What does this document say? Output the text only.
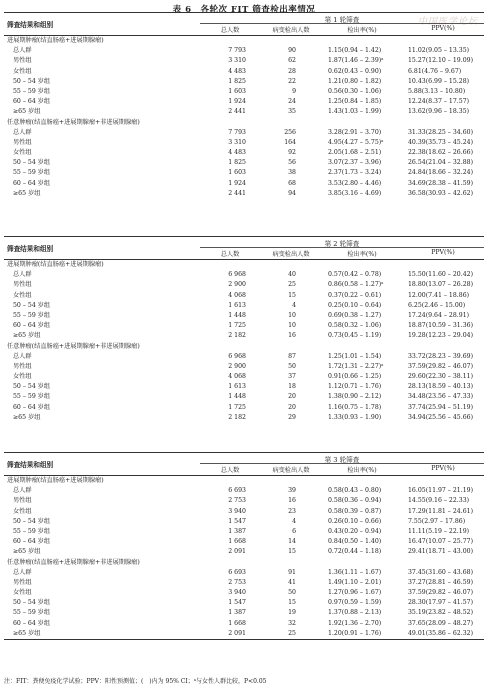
表 6　各轮次 FIT 筛查检出率情况
中国医学论坛
筛查结果和组别
第 1 轮筛查
总人数	病变检出人数	检出率(%)	PPV(%)
进展期肿瘤(结直肠癌+进展期腺瘤)
总人群	7 793	90	1.15(0.94 – 1.42)	11.02(9.05 – 13.35)
男性组	3 310	62	1.87(1.46 – 2.39)ᵃ	15.27(12.10 – 19.09)
女性组	4 483	28	0.62(0.43 – 0.90)	6.81(4.76 – 9.67)
50 – 54 岁组	1 825	22	1.21(0.80 – 1.82)	10.43(6.99 – 15.28)
55 – 59 岁组	1 603	9	0.56(0.30 – 1.06)	5.88(3.13 – 10.80)
60 – 64 岁组	1 924	24	1.25(0.84 – 1.85)	12.24(8.37 – 17.57)
≥65 岁组	2 441	35	1.43(1.03 – 1.99)	13.62(9.96 – 18.35)
任意肿瘤(结直肠癌+进展期腺瘤+非进展期腺瘤)
总人群	7 793	256	3.28(2.91 – 3.70)	31.33(28.25 – 34.60)
男性组	3 310	164	4.95(4.27 – 5.75)ᵃ	40.39(35.73 – 45.24)
女性组	4 483	92	2.05(1.68 – 2.51)	22.38(18.62 – 26.66)
50 – 54 岁组	1 825	56	3.07(2.37 – 3.96)	26.54(21.04 – 32.88)
55 – 59 岁组	1 603	38	2.37(1.73 – 3.24)	24.84(18.66 – 32.24)
60 – 64 岁组	1 924	68	3.53(2.80 – 4.46)	34.69(28.38 – 41.59)
≥65 岁组	2 441	94	3.85(3.16 – 4.69)	36.58(30.93 – 42.62)
筛查结果和组别
第 2 轮筛查
总人数	病变检出人数	检出率(%)	PPV(%)
进展期肿瘤(结直肠癌+进展期腺瘤)
总人群	6 968	40	0.57(0.42 – 0.78)	15.50(11.60 – 20.42)
男性组	2 900	25	0.86(0.58 – 1.27)ᵃ	18.80(13.07 – 26.28)
女性组	4 068	15	0.37(0.22 – 0.61)	12.00(7.41 – 18.86)
50 – 54 岁组	1 613	4	0.25(0.10 – 0.64)	6.25(2.46 – 15.00)
55 – 59 岁组	1 448	10	0.69(0.38 – 1.27)	17.24(9.64 – 28.91)
60 – 64 岁组	1 725	10	0.58(0.32 – 1.06)	18.87(10.59 – 31.36)
≥65 岁组	2 182	16	0.73(0.45 – 1.19)	19.28(12.23 – 29.04)
任意肿瘤(结直肠癌+进展期腺瘤+非进展期腺瘤)
总人群	6 968	87	1.25(1.01 – 1.54)	33.72(28.23 – 39.69)
男性组	2 900	50	1.72(1.31 – 2.27)ᵃ	37.59(29.82 – 46.07)
女性组	4 068	37	0.91(0.66 – 1.25)	29.60(22.30 – 38.11)
50 – 54 岁组	1 613	18	1.12(0.71 – 1.76)	28.13(18.59 – 40.13)
55 – 59 岁组	1 448	20	1.38(0.90 – 2.12)	34.48(23.56 – 47.33)
60 – 64 岁组	1 725	20	1.16(0.75 – 1.78)	37.74(25.94 – 51.19)
≥65 岁组	2 182	29	1.33(0.93 – 1.90)	34.94(25.56 – 45.66)
筛查结果和组别
第 3 轮筛查
总人数	病变检出人数	检出率(%)	PPV(%)
进展期肿瘤(结直肠癌+进展期腺瘤)
总人群	6 693	39	0.58(0.43 – 0.80)	16.05(11.97 – 21.19)
男性组	2 753	16	0.58(0.36 – 0.94)	14.55(9.16 – 22.33)
女性组	3 940	23	0.58(0.39 – 0.87)	17.29(11.81 – 24.61)
50 – 54 岁组	1 547	4	0.26(0.10 – 0.66)	7.55(2.97 – 17.86)
55 – 59 岁组	1 387	6	0.43(0.20 – 0.94)	11.11(5.19 – 22.19)
60 – 64 岁组	1 668	14	0.84(0.50 – 1.40)	16.47(10.07 – 25.77)
≥65 岁组	2 091	15	0.72(0.44 – 1.18)	29.41(18.71 – 43.00)
任意肿瘤(结直肠癌+进展期腺瘤+非进展期腺瘤)
总人群	6 693	91	1.36(1.11 – 1.67)	37.45(31.60 – 43.68)
男性组	2 753	41	1.49(1.10 – 2.01)	37.27(28.81 – 46.59)
女性组	3 940	50	1.27(0.96 – 1.67)	37.59(29.82 – 46.07)
50 – 54 岁组	1 547	15	0.97(0.59 – 1.59)	28.30(17.97 – 41.57)
55 – 59 岁组	1 387	19	1.37(0.88 – 2.13)	35.19(23.82 – 48.52)
60 – 64 岁组	1 668	32	1.92(1.36 – 2.70)	37.65(28.09 – 48.27)
≥65 岁组	2 091	25	1.20(0.91 – 1.76)	49.01(35.86 – 62.32)
注：FIT：粪便免疫化学试验；PPV：阳性预测值；(　)内为 95% CI；ᵃ与女性人群比较，P<0.05
